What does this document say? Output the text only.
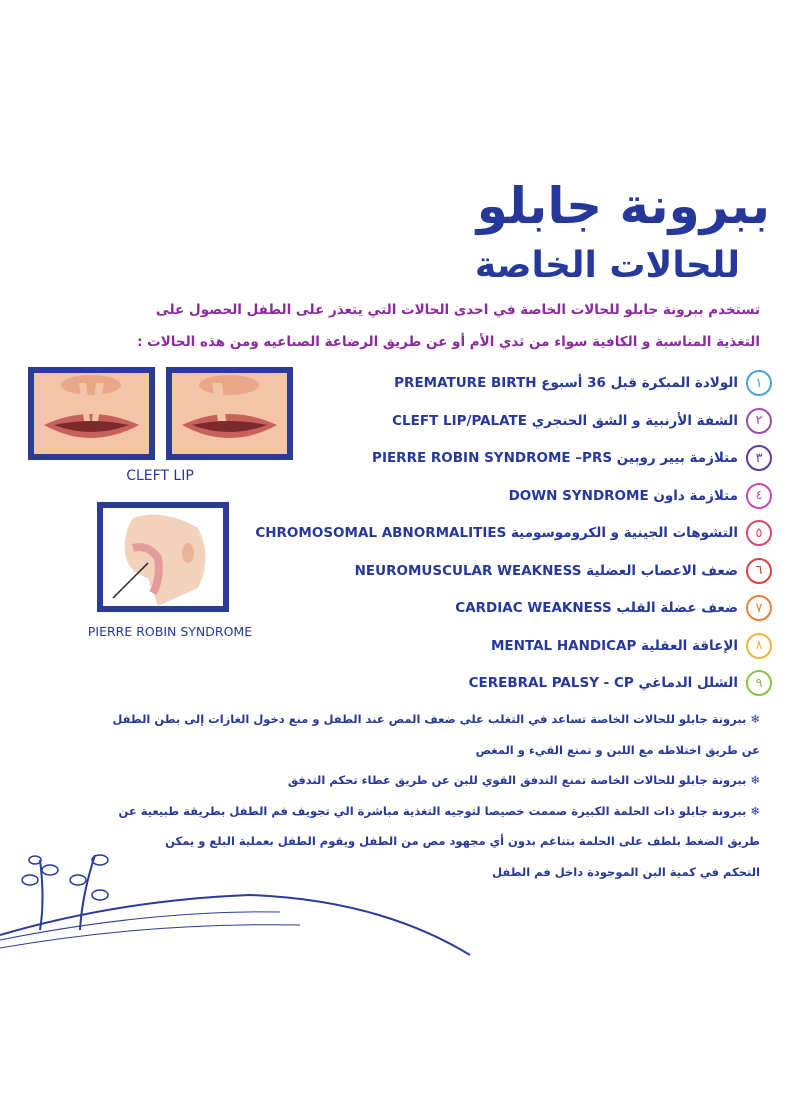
ببرونة جابلو
للحالات الخاصة
تستخدم ببرونة جابلو للحالات الخاصة في احدى الحالات التي يتعذر على الطفل الحصول على
التغذية المناسبة و الكافية سواء من ثدي الأم أو عن طريق الرضاعة الصناعيه ومن هذه الحالات :
CLEFT LIP
PIERRE ROBIN SYNDROME
١
الولادة المبكرة قبل 36 أسبوع PREMATURE BIRTH
٢
الشفة الأرنبية و الشق الحنجري CLEFT LIP/PALATE
٣
متلازمة بيير روبين PIERRE ROBIN SYNDROME –PRS
٤
متلازمة داون DOWN SYNDROME
٥
التشوهات الجينية و الكروموسومية CHROMOSOMAL ABNORMALITIES
٦
ضعف الاعصاب العضلية NEUROMUSCULAR WEAKNESS
٧
ضعف عضلة القلب CARDIAC WEAKNESS
٨
الإعاقة العقلية MENTAL HANDICAP
٩
الشلل الدماغي CEREBRAL PALSY - CP
❄ ببرونة جابلو للحالات الخاصة تساعد في التغلب على ضعف المص عند الطفل و منع دخول الغازات إلى بطن الطفل
عن طريق اختلاطه مع اللبن و تمنع القيء و المغص
❄ ببرونة جابلو للحالات الخاصة تمنع التدفق القوي للبن عن طريق غطاء تحكم التدفق
❄ ببرونة جابلو ذات الحلمة الكبيرة صممت خصيصا لتوجيه التغذية مباشرة الي تجويف فم الطفل بطريقة طبيعية عن
طريق الضغط بلطف على الحلمة بتناغم بدون أي مجهود مص من الطفل ويقوم الطفل بعملية البلع و يمكن
التحكم في كمية البن الموجودة داخل فم الطفل
